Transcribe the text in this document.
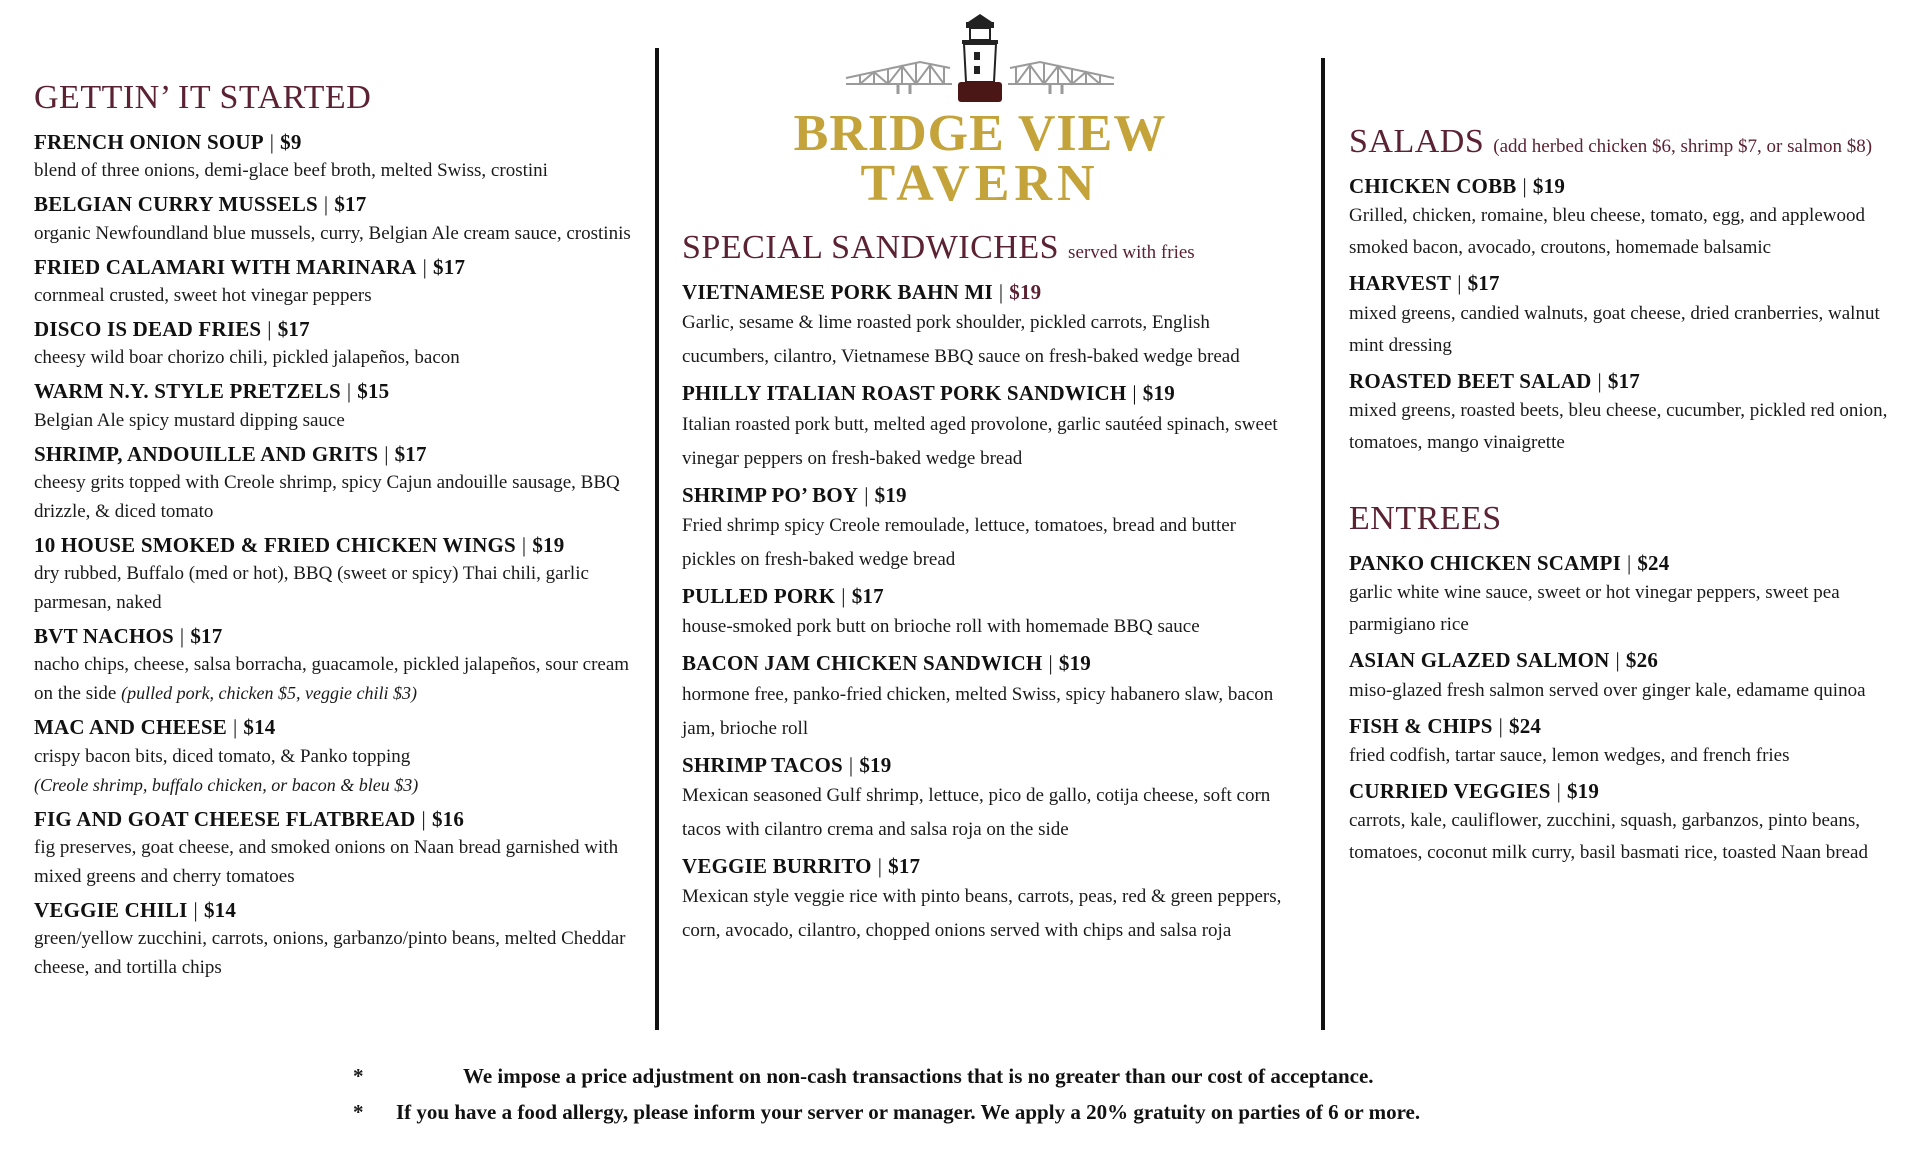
BRIDGE VIEW
TAVERN
GETTIN’ IT STARTED
FRENCH ONION SOUP | $9
blend of three onions, demi-glace beef broth, melted Swiss, crostini
BELGIAN CURRY MUSSELS | $17
organic Newfoundland blue mussels, curry, Belgian Ale cream sauce, crostinis
FRIED CALAMARI WITH MARINARA | $17
cornmeal crusted, sweet hot vinegar peppers
DISCO IS DEAD FRIES | $17
cheesy wild boar chorizo chili, pickled jalapeños, bacon
WARM N.Y. STYLE PRETZELS | $15
Belgian Ale spicy mustard dipping sauce
SHRIMP, ANDOUILLE AND GRITS | $17
cheesy grits topped with Creole shrimp, spicy Cajun andouille sausage, BBQ drizzle, & diced tomato
10 HOUSE SMOKED & FRIED CHICKEN WINGS | $19
dry rubbed, Buffalo (med or hot), BBQ (sweet or spicy) Thai chili, garlic parmesan, naked
BVT NACHOS | $17
nacho chips, cheese, salsa borracha, guacamole, pickled jalapeños, sour cream on the side (pulled pork, chicken $5, veggie chili $3)
MAC AND CHEESE | $14
crispy bacon bits, diced tomato, & Panko topping
(Creole shrimp, buffalo chicken, or bacon & bleu $3)
FIG AND GOAT CHEESE FLATBREAD | $16
fig preserves, goat cheese, and smoked onions on Naan bread garnished with mixed greens and cherry tomatoes
VEGGIE CHILI | $14
green/yellow zucchini, carrots, onions, garbanzo/pinto beans, melted Cheddar cheese, and tortilla chips
SPECIAL SANDWICHES served with fries
VIETNAMESE PORK BAHN MI | $19
Garlic, sesame & lime roasted pork shoulder, pickled carrots, English cucumbers, cilantro, Vietnamese BBQ sauce on fresh-baked wedge bread
PHILLY ITALIAN ROAST PORK SANDWICH | $19
Italian roasted pork butt, melted aged provolone, garlic sautéed spinach, sweet vinegar peppers on fresh-baked wedge bread
SHRIMP PO’ BOY | $19
Fried shrimp spicy Creole remoulade, lettuce, tomatoes, bread and butter pickles on fresh-baked wedge bread
PULLED PORK | $17
house-smoked pork butt on brioche roll with homemade BBQ sauce
BACON JAM CHICKEN SANDWICH | $19
hormone free, panko-fried chicken, melted Swiss, spicy habanero slaw, bacon jam, brioche roll
SHRIMP TACOS | $19
Mexican seasoned Gulf shrimp, lettuce, pico de gallo, cotija cheese, soft corn tacos with cilantro crema and salsa roja on the side
VEGGIE BURRITO | $17
Mexican style veggie rice with pinto beans, carrots, peas, red & green peppers, corn, avocado, cilantro, chopped onions served with chips and salsa roja
SALADS (add herbed chicken $6, shrimp $7, or salmon $8)
CHICKEN COBB | $19
Grilled, chicken, romaine, bleu cheese, tomato, egg, and applewood smoked bacon, avocado, croutons, homemade balsamic
HARVEST | $17
mixed greens, candied walnuts, goat cheese, dried cranberries, walnut mint dressing
ROASTED BEET SALAD | $17
mixed greens, roasted beets, bleu cheese, cucumber, pickled red onion, tomatoes, mango vinaigrette
ENTREES
PANKO CHICKEN SCAMPI | $24
garlic white wine sauce, sweet or hot vinegar peppers, sweet pea parmigiano rice
ASIAN GLAZED SALMON | $26
miso-glazed fresh salmon served over ginger kale, edamame quinoa
FISH & CHIPS | $24
fried codfish, tartar sauce, lemon wedges, and french fries
CURRIED VEGGIES | $19
carrots, kale, cauliflower, zucchini, squash, garbanzos, pinto beans, tomatoes, coconut milk curry, basil basmati rice, toasted Naan bread
*	We impose a price adjustment on non-cash transactions that is no greater than our cost of acceptance.
* If you have a food allergy, please inform your server or manager. We apply a 20% gratuity on parties of 6 or more.
